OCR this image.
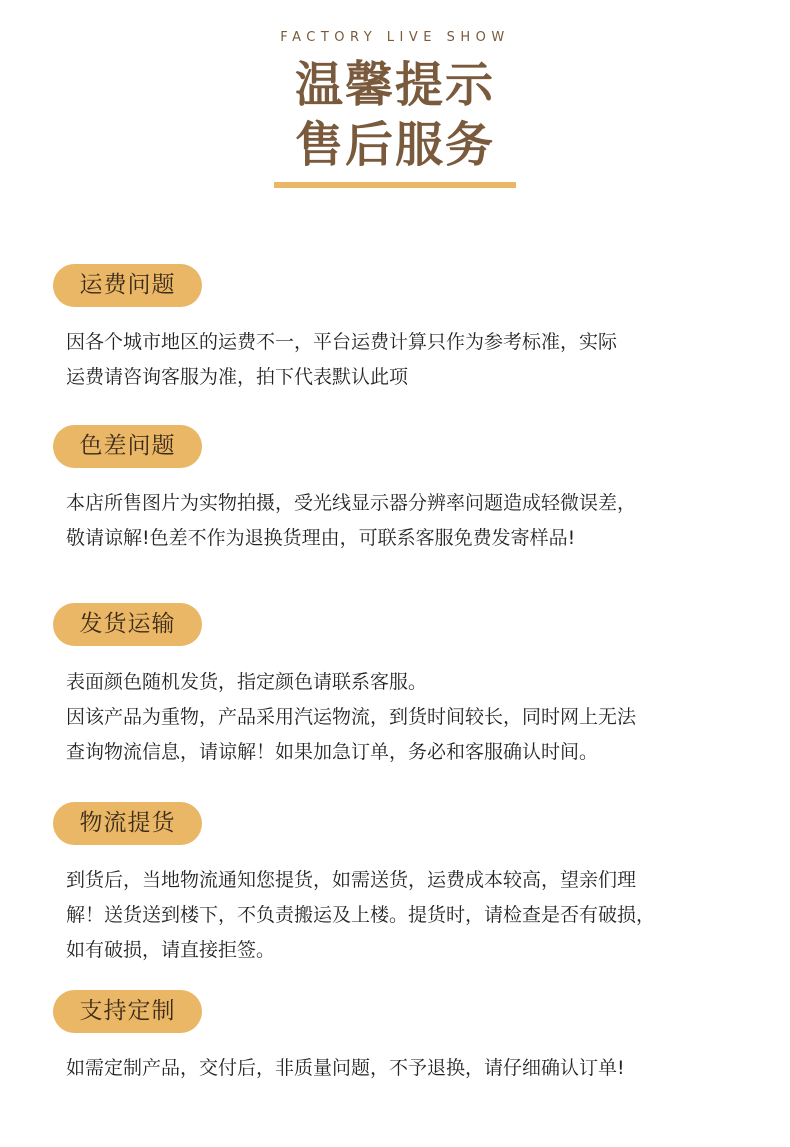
FACTORY LIVE SHOW
温馨提示
售后服务
运费问题

因各个城市地区的运费不一，平台运费计算只作为参考标准，实际

运费请咨询客服为准，拍下代表默认此项

色差问题

本店所售图片为实物拍摄，受光线显示器分辨率问题造成轻微误差，

敬请谅解!色差不作为退换货理由，可联系客服免费发寄样品!

发货运输

表面颜色随机发货，指定颜色请联系客服。

因该产品为重物，产品采用汽运物流，到货时间较长，同时网上无法

查询物流信息，请谅解！如果加急订单，务必和客服确认时间。

物流提货

到货后，当地物流通知您提货，如需送货，运费成本较高，望亲们理

解！送货送到楼下，不负责搬运及上楼。提货时，请检查是否有破损，

如有破损，请直接拒签。

支持定制

如需定制产品，交付后，非质量问题，不予退换，请仔细确认订单!
